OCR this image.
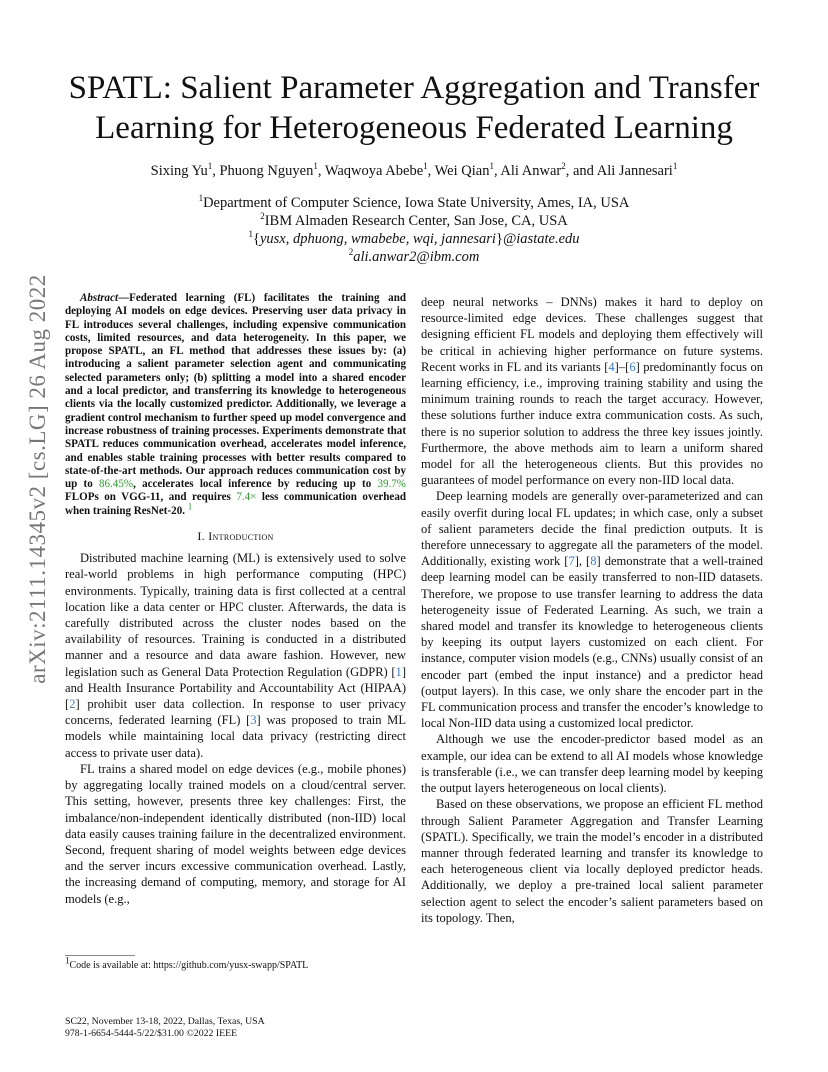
SPATL: Salient Parameter Aggregation and Transfer
Learning for Heterogeneous Federated Learning
Sixing Yu$^1$, Phuong Nguyen$^1$, Waqwoya Abebe$^1$, Wei Qian$^1$, Ali Anwar$^2$, and Ali Jannesari$^1$
$^1$Department of Computer Science, Iowa State University, Ames, IA, USA
$^2$IBM Almaden Research Center, San Jose, CA, USA
$^1${yusx, dphuong, wmabebe, wqi, jannesari}@iastate.edu
$^2$ali.anwar2@ibm.com
arXiv:2111.14345v2 [cs.LG] 26 Aug 2022	Abstract—Federated learning (FL) facilitates the training and deploying AI models on edge devices. Preserving user data privacy in FL introduces several challenges, including expensive communication costs, limited resources, and data heterogeneity. In this paper, we propose SPATL, an FL method that addresses these issues by: (a) introducing a salient parameter selection agent and communicating selected parameters only; (b) splitting a model into a shared encoder and a local predictor, and transferring its knowledge to heterogeneous clients via the locally customized predictor. Additionally, we leverage a gradient control mechanism to further speed up model convergence and increase robustness of training processes. Experiments demonstrate that SPATL reduces communication overhead, accelerates model inference, and enables stable training processes with better results compared to state-of-the-art methods. Our approach reduces communication cost by up to 86.45%, accelerates local inference by reducing up to 39.7% FLOPs on VGG-11, and requires 7.4× less communication overhead when training ResNet-20. $^1$

I. Introduction

Distributed machine learning (ML) is extensively used to solve real-world problems in high performance computing (HPC) environments. Typically, training data is first collected at a central location like a data center or HPC cluster. Afterwards, the data is carefully distributed across the cluster nodes based on the availability of resources. Training is conducted in a distributed manner and a resource and data aware fashion. However, new legislation such as General Data Protection Regulation (GDPR) [1] and Health Insurance Portability and Accountability Act (HIPAA) [2] prohibit user data collection. In response to user privacy concerns, federated learning (FL) [3] was proposed to train ML models while maintaining local data privacy (restricting direct access to private user data).

FL trains a shared model on edge devices (e.g., mobile phones) by aggregating locally trained models on a cloud/central server. This setting, however, presents three key challenges: First, the imbalance/non-independent identically distributed (non-IID) local data easily causes training failure in the decentralized environment. Second, frequent sharing of model weights between edge devices and the server incurs excessive communication overhead. Lastly, the increasing demand of computing, memory, and storage for AI models (e.g.,

deep neural networks – DNNs) makes it hard to deploy on resource-limited edge devices. These challenges suggest that designing efficient FL models and deploying them effectively will be critical in achieving higher performance on future systems. Recent works in FL and its variants [4]–[6] predominantly focus on learning efficiency, i.e., improving training stability and using the minimum training rounds to reach the target accuracy. However, these solutions further induce extra communication costs. As such, there is no superior solution to address the three key issues jointly. Furthermore, the above methods aim to learn a uniform shared model for all the heterogeneous clients. But this provides no guarantees of model performance on every non-IID local data.

Deep learning models are generally over-parameterized and can easily overfit during local FL updates; in which case, only a subset of salient parameters decide the final prediction outputs. It is therefore unnecessary to aggregate all the parameters of the model. Additionally, existing work [7], [8] demonstrate that a well-trained deep learning model can be easily transferred to non-IID datasets. Therefore, we propose to use transfer learning to address the data heterogeneity issue of Federated Learning. As such, we train a shared model and transfer its knowledge to heterogeneous clients by keeping its output layers customized on each client. For instance, computer vision models (e.g., CNNs) usually consist of an encoder part (embed the input instance) and a predictor head (output layers). In this case, we only share the encoder part in the FL communication process and transfer the encoder’s knowledge to local Non-IID data using a customized local predictor.

Although we use the encoder-predictor based model as an example, our idea can be extend to all AI models whose knowledge is transferable (i.e., we can transfer deep learning model by keeping the output layers heterogeneous on local clients).

Based on these observations, we propose an efficient FL method through Salient Parameter Aggregation and Transfer Learning (SPATL). Specifically, we train the model’s encoder in a distributed manner through federated learning and transfer its knowledge to each heterogeneous client via locally deployed predictor heads. Additionally, we deploy a pre-trained local salient parameter selection agent to select the encoder’s salient parameters based on its topology. Then,

$^1$Code is available at: https://github.com/yusx-swapp/SPATL
SC22, November 13-18, 2022, Dallas, Texas, USA
978-1-6654-5444-5/22/$31.00 ©2022 IEEE
